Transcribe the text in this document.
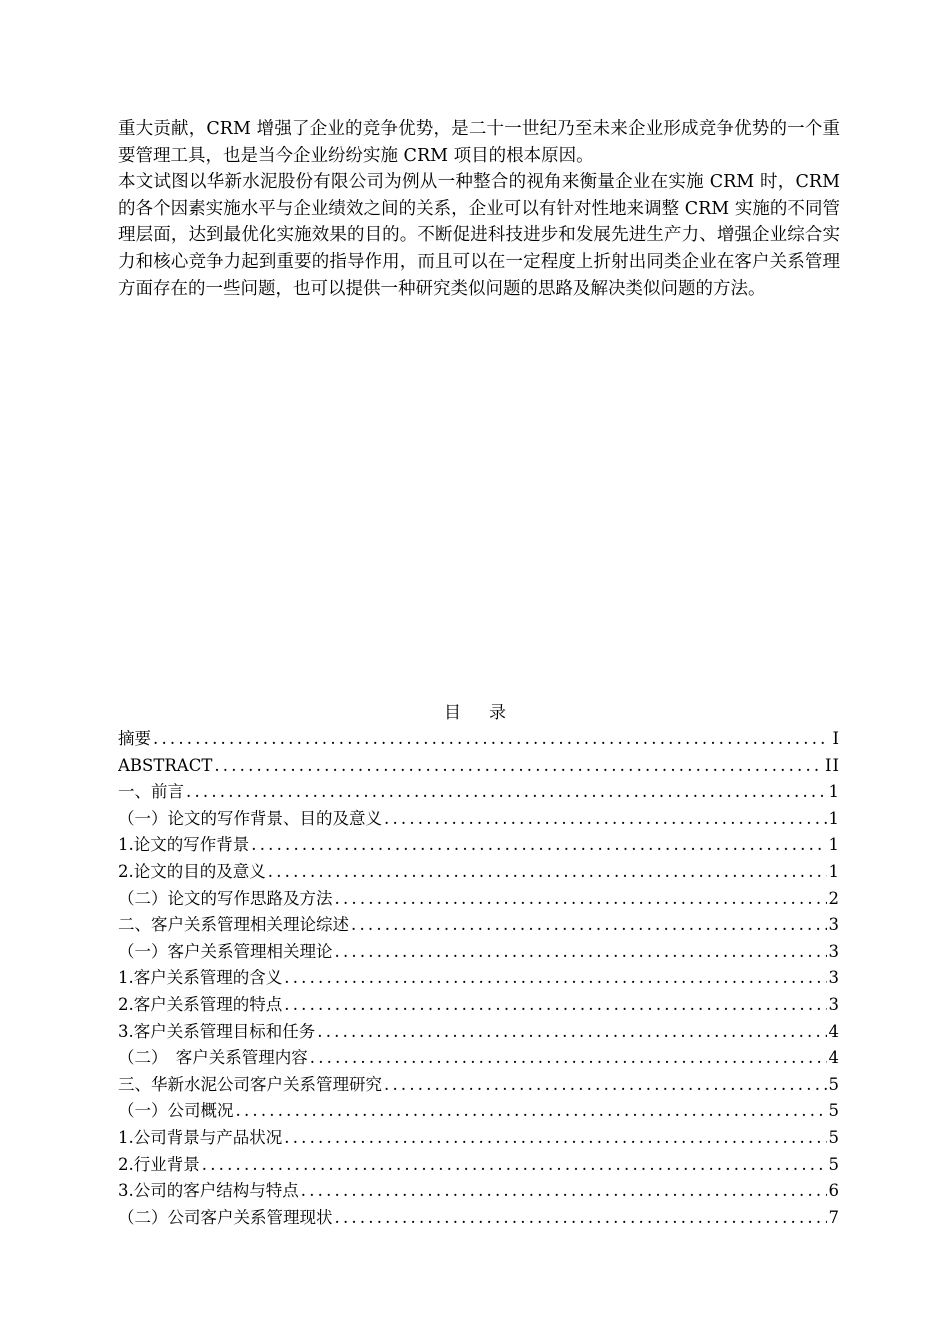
重大贡献，CRM 增强了企业的竞争优势，是二十一世纪乃至未来企业形成竞争优势的一个重要管理工具，也是当今企业纷纷实施 CRM 项目的根本原因。

本文试图以华新水泥股份有限公司为例从一种整合的视角来衡量企业在实施 CRM 时，CRM 的各个因素实施水平与企业绩效之间的关系，企业可以有针对性地来调整 CRM 实施的不同管理层面，达到最优化实施效果的目的。不断促进科技进步和发展先进生产力、增强企业综合实力和核心竞争力起到重要的指导作用，而且可以在一定程度上折射出同类企业在客户关系管理方面存在的一些问题，也可以提供一种研究类似问题的思路及解决类似问题的方法。

目录
摘要 .....	I
ABSTRACT .....	II
一、前言 .....	1
（一）论文的写作背景、目的及意义 .....	1
1.论文的写作背景 .....	1
2.论文的目的及意义 .....	1
（二）论文的写作思路及方法 .....	2
二、客户关系管理相关理论综述 .....	3
（一）客户关系管理相关理论 .....	3
1.客户关系管理的含义 .....	3
2.客户关系管理的特点 .....	3
3.客户关系管理目标和任务 .....	4
（二）　客户关系管理内容 .....	4
三、华新水泥公司客户关系管理研究 .....	5
（一）公司概况 .....	5
1.公司背景与产品状况 .....	5
2.行业背景 .....	5
3.公司的客户结构与特点 .....	6
（二）公司客户关系管理现状 .....	7
